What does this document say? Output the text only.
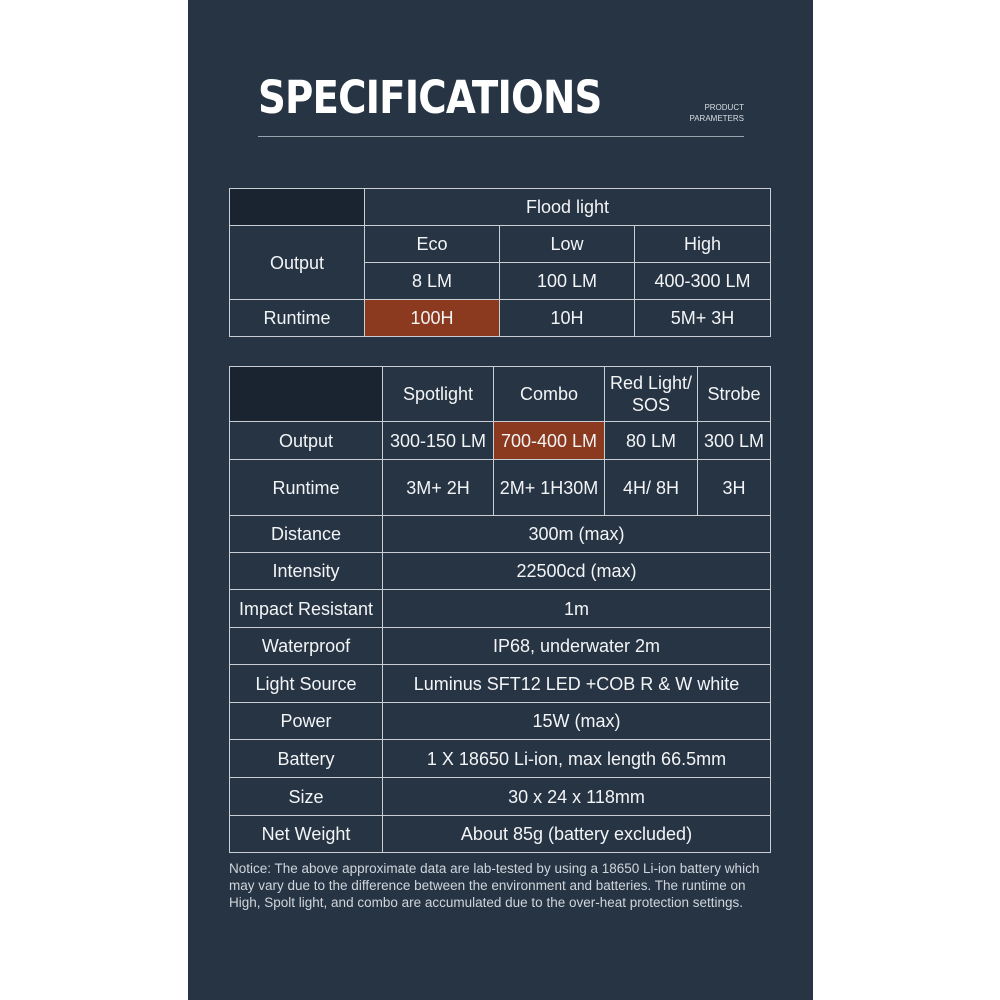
SPECIFICATIONS	PRODUCT
PARAMETERS
	Flood light		
Output	Eco	Low	High
	8 LM	100 LM	400-300 LM
Runtime	100H	10H	5M+ 3H
	Spotlight	Combo	Red Light/ SOS	Strobe
Output	300-150 LM	700-400 LM	80 LM	300 LM
Runtime	3M+ 2H	2M+ 1H30M	4H/ 8H	3H
Distance	300m (max)			
Intensity	22500cd (max)			
Impact Resistant	1m			
Waterproof	IP68, underwater 2m			
Light Source	Luminus SFT12 LED +COB R & W white			
Power	15W (max)			
Battery	1 X 18650 Li-ion, max length 66.5mm			
Size	30 x 24 x 118mm			
Net Weight	About 85g (battery excluded)			

Notice: The above approximate data are lab-tested by using a 18650 Li-ion battery which may vary due to the difference between the environment and batteries. The runtime on High, Spolt light, and combo are accumulated due to the over-heat protection settings.
